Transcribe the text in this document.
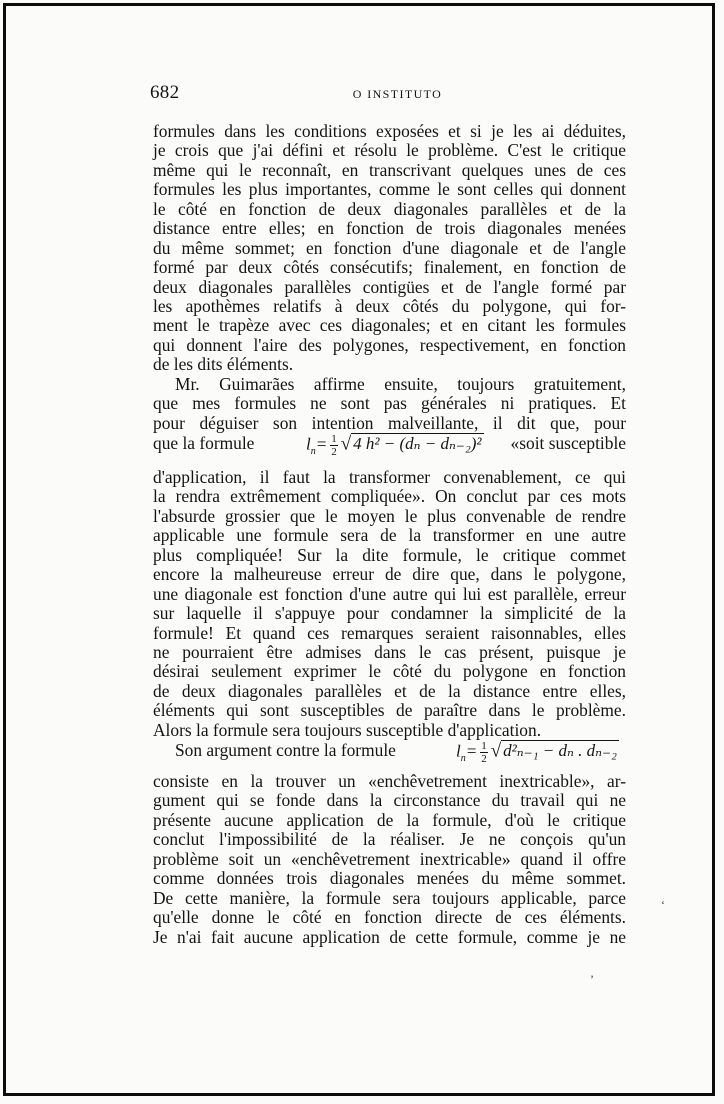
682	O INSTITUTO
formules dans les conditions exposées et si je les ai déduites,
je crois que j'ai défini et résolu le problème. C'est le critique
même qui le reconnaît, en transcrivant quelques unes de ces
formules les plus importantes, comme le sont celles qui donnent
le côté en fonction de deux diagonales parallèles et de la
distance entre elles; en fonction de trois diagonales menées
du même sommet; en fonction d'une diagonale et de l'angle
formé par deux côtés consécutifs; finalement, en fonction de
deux diagonales parallèles contigües et de l'angle formé par
les apothèmes relatifs à deux côtés du polygone, qui for-
ment le trapèze avec ces diagonales; et en citant les formules
qui donnent l'aire des polygones, respectivement, en fonction
de les dits éléments.
Mr. Guimarães affirme ensuite, toujours gratuitement,
que mes formules ne sont pas générales ni pratiques. Et
pour déguiser son intention malveillante, il dit que, pour
que la formule	$l_n= \frac{1}{2}$ √ 4 h² − (dₙ − dₙ₋₂)² «soit susceptible
d'application, il faut la transformer convenablement, ce qui
la rendra extrêmement compliquée». On conclut par ces mots
l'absurde grossier que le moyen le plus convenable de rendre
applicable une formule sera de la transformer en une autre
plus compliquée! Sur la dite formule, le critique commet
encore la malheureuse erreur de dire que, dans le polygone,
une diagonale est fonction d'une autre qui lui est parallèle, erreur
sur laquelle il s'appuye pour condamner la simplicité de la
formule! Et quand ces remarques seraient raisonnables, elles
ne pourraient être admises dans le cas présent, puisque je
désirai seulement exprimer le côté du polygone en fonction
de deux diagonales parallèles et de la distance entre elles,
éléments qui sont susceptibles de paraître dans le problème.
Alors la formule sera toujours susceptible d'application.
Son argument contre la formule	$l_n= \frac{1}{2}$ √ d²ₙ₋₁ − dₙ . dₙ₋₂
consiste en la trouver un «enchêvetrement inextricable», ar-
gument qui se fonde dans la circonstance du travail qui ne
présente aucune application de la formule, d'où le critique
conclut l'impossibilité de la réaliser. Je ne conçois qu'un
problème soit un «enchêvetrement inextricable» quand il offre
comme données trois diagonales menées du même sommet.
De cette manière, la formule sera toujours applicable, parce
qu'elle donne le côté en fonction directe de ces éléments.
Je n'ai fait aucune application de cette formule, comme je ne
‘
’
